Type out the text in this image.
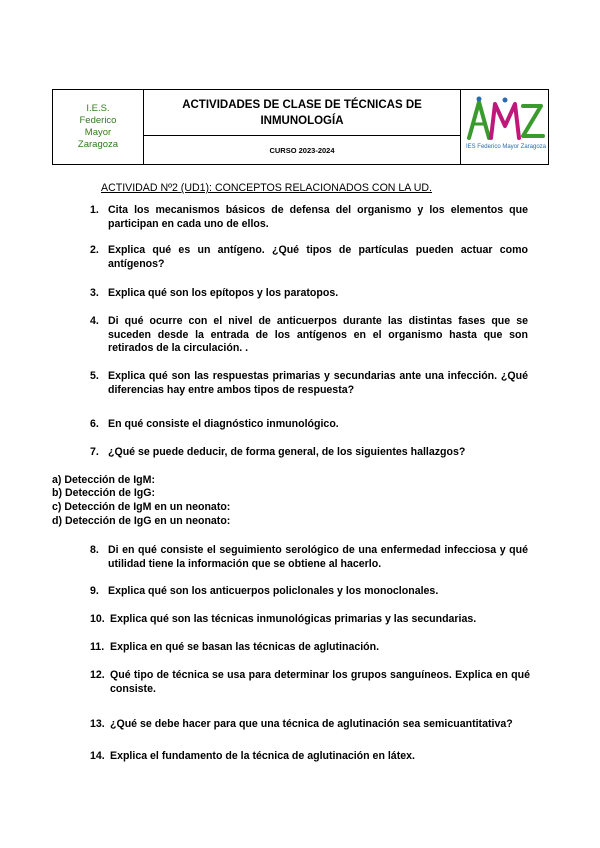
I.E.S.
Federico
Mayor
Zaragoza
ACTIVIDADES DE CLASE DE TÉCNICAS DE
INMUNOLOGÍA
CURSO 2023-2024	IES Federico Mayor Zaragoza
ACTIVIDAD Nº2 (UD1): CONCEPTOS RELACIONADOS CON LA UD.
1. Cita los mecanismos básicos de defensa del organismo y los elementos que participan en cada uno de ellos.
2. Explica qué es un antígeno. ¿Qué tipos de partículas pueden actuar como antígenos?
3. Explica qué son los epítopos y los paratopos.
4. Di qué ocurre con el nivel de anticuerpos durante las distintas fases que se suceden desde la entrada de los antígenos en el organismo hasta que son retirados de la circulación. .
5. Explica qué son las respuestas primarias y secundarias ante una infección. ¿Qué diferencias hay entre ambos tipos de respuesta?
6. En qué consiste el diagnóstico inmunológico.
7. ¿Qué se puede deducir, de forma general, de los siguientes hallazgos?
a) Detección de IgM:
b) Detección de IgG:
c) Detección de IgM en un neonato:
d) Detección de IgG en un neonato:
8. Di en qué consiste el seguimiento serológico de una enfermedad infecciosa y qué utilidad tiene la información que se obtiene al hacerlo.
9. Explica qué son los anticuerpos policlonales y los monoclonales.
10. Explica qué son las técnicas inmunológicas primarias y las secundarias.
11. Explica en qué se basan las técnicas de aglutinación.
12. Qué tipo de técnica se usa para determinar los grupos sanguíneos. Explica en qué consiste.
13. ¿Qué se debe hacer para que una técnica de aglutinación sea semicuantitativa?
14. Explica el fundamento de la técnica de aglutinación en látex.
